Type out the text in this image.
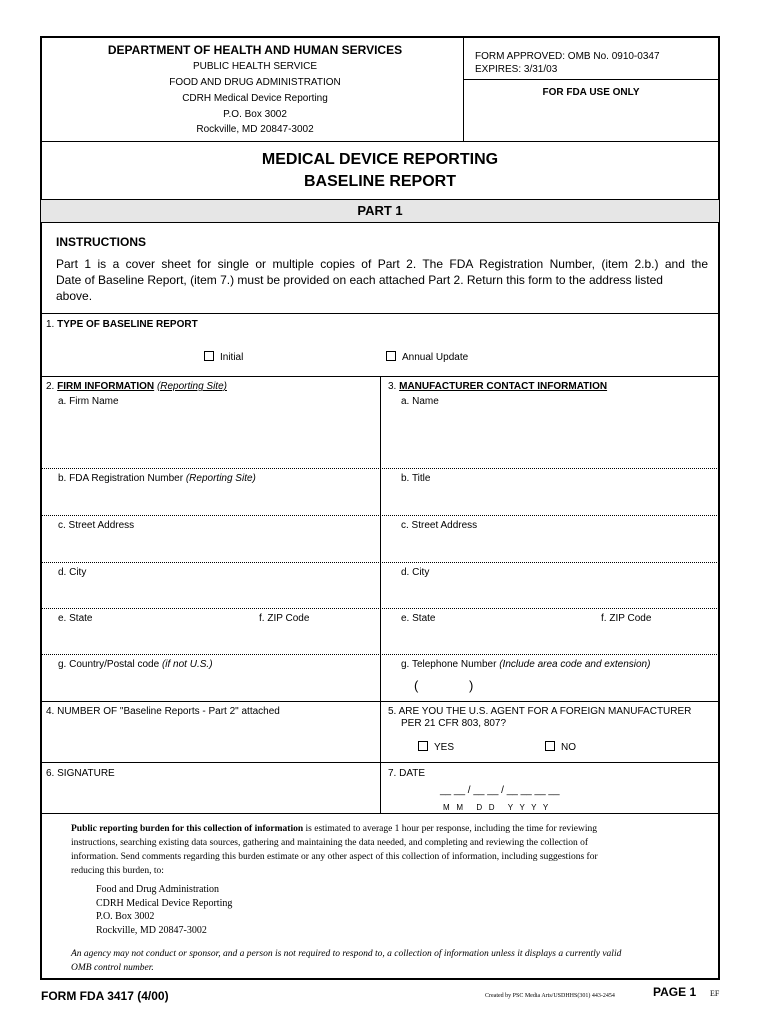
DEPARTMENT OF HEALTH AND HUMAN SERVICES
PUBLIC HEALTH SERVICE
FOOD AND DRUG ADMINISTRATION
CDRH Medical Device Reporting
P.O. Box 3002
Rockville, MD 20847-3002
FORM APPROVED: OMB No. 0910-0347
EXPIRES: 3/31/03
FOR FDA USE ONLY
MEDICAL DEVICE REPORTING
BASELINE REPORT
PART 1
INSTRUCTIONS
Part 1 is a cover sheet for single or multiple copies of Part 2. The FDA Registration Number, (item 2.b.) and the
Date of Baseline Report, (item 7.) must be provided on each attached Part 2. Return this form to the address listed
above.
1. TYPE OF BASELINE REPORT
Initial	Annual Update
2. FIRM INFORMATION (Reporting Site)	3. MANUFACTURER CONTACT INFORMATION
a. Firm Name	a. Name
b. FDA Registration Number (Reporting Site)	b. Title
c. Street Address	c. Street Address
d. City	d. City
e. State	f. ZIP Code	e. State	f. ZIP Code
g. Country/Postal code (if not U.S.)	g. Telephone Number (Include area code and extension)
(	)
4. NUMBER OF "Baseline Reports - Part 2" attached	5. ARE YOU THE U.S. AGENT FOR A FOREIGN MANUFACTURER
PER 21 CFR 803, 807?
YES	NO
6. SIGNATURE	7. DATE
__ __ / __ __ / __ __ __ __
M   M      D   D      Y   Y   Y   Y
Public reporting burden for this collection of information is estimated to average 1 hour per response, including the time for reviewing
instructions, searching existing data sources, gathering and maintaining the data needed, and completing and reviewing the collection of
information. Send comments regarding this burden estimate or any other aspect of this collection of information, including suggestions for
reducing this burden, to:
Food and Drug Administration
CDRH Medical Device Reporting
P.O. Box 3002
Rockville, MD 20847-3002
An agency may not conduct or sponsor, and a person is not required to respond to, a collection of information unless it displays a currently valid
OMB control number.
FORM FDA 3417 (4/00)	Created by PSC Media Arts/USDHHS(301) 443-2454	PAGE 1 EF
